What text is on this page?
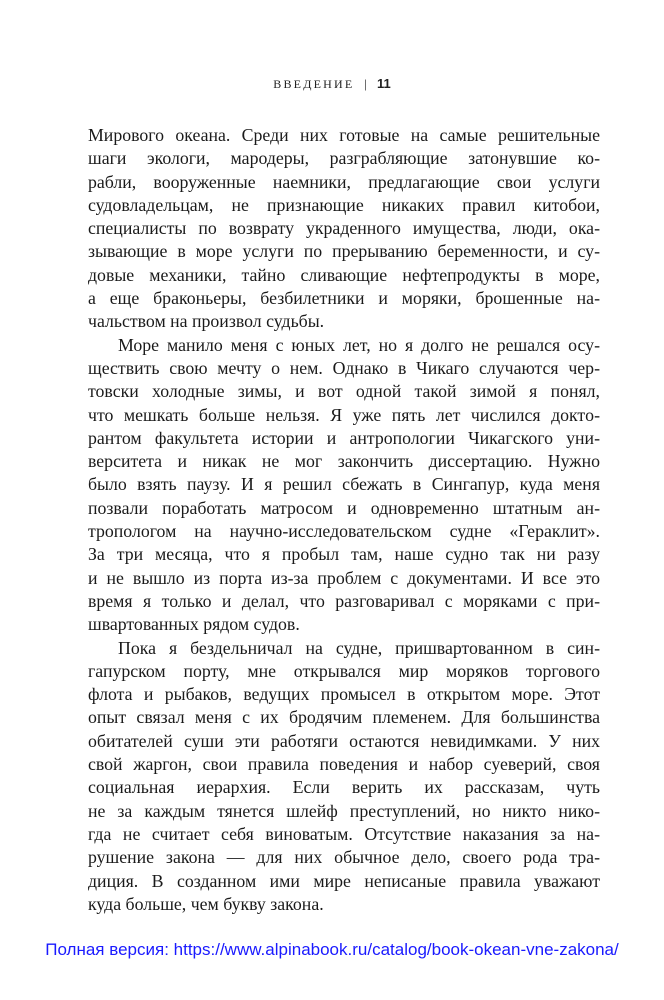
ВВЕДЕНИЕ | 11

Мирового океана. Среди них готовые на самые решительные

шаги экологи, мародеры, разграбляющие затонувшие ко-

рабли, вооруженные наемники, предлагающие свои услуги

судовладельцам, не признающие никаких правил китобои,

специалисты по возврату украденного имущества, люди, ока-

зывающие в море услуги по прерыванию беременности, и су-

довые механики, тайно сливающие нефтепродукты в море,

а еще браконьеры, безбилетники и моряки, брошенные на-

чальством на произвол судьбы.

Море манило меня с юных лет, но я долго не решался осу-

ществить свою мечту о нем. Однако в Чикаго случаются чер-

товски холодные зимы, и вот одной такой зимой я понял,

что мешкать больше нельзя. Я уже пять лет числился доктo-

рантом факультета истории и антропологии Чикагского уни-

верситета и никак не мог закончить диссертацию. Нужно

было взять паузу. И я решил сбежать в Сингапур, куда меня

позвали поработать матросом и одновременно штатным ан-

тропологом на научно-исследовательском судне «Гераклит».

За три месяца, что я пробыл там, наше судно так ни разу

и не вышло из порта из-за проблем с документами. И все это

время я только и делал, что разговаривал с моряками с при-

швартованных рядом судов.

Пока я бездельничал на судне, пришвартованном в син-

гапурском порту, мне открывался мир моряков торгового

флота и рыбаков, ведущих промысел в открытом море. Этот

опыт связал меня с их бродячим племенем. Для большинства

обитателей суши эти работяги остаются невидимками. У них

свой жаргон, свои правила поведения и набор суеверий, своя

социальная иерархия. Если верить их рассказам, чуть

не за каждым тянется шлейф преступлений, но никто нико-

гда не считает себя виноватым. Отсутствие наказания за на-

рушение закона — для них обычное дело, своего рода тра-

диция. В созданном ими мире неписаные правила уважают

куда больше, чем букву закона.

Полная версия: https://www.alpinabook.ru/catalog/book-okean-vne-zakona/
